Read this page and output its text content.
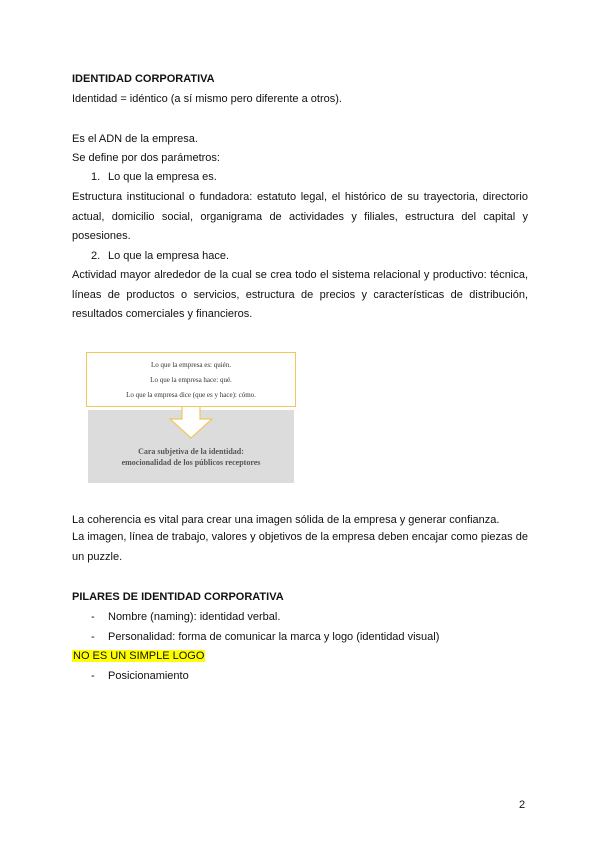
IDENTIDAD CORPORATIVA
Identidad = idéntico (a sí mismo pero diferente a otros).
Es el ADN de la empresa.
Se define por dos parámetros:
1. Lo que la empresa es.
Estructura institucional o fundadora: estatuto legal, el histórico de su trayectoria, directorio actual, domicilio social, organigrama de actividades y filiales, estructura del capital y posesiones.
2. Lo que la empresa hace.
Actividad mayor alrededor de la cual se crea todo el sistema relacional y productivo: técnica, líneas de productos o servicios, estructura de precios y características de distribución, resultados comerciales y financieros.
Lo que la empresa es: quién.
Lo que la empresa hace: qué.
Lo que la empresa dice (que es y hace): cómo.
Cara subjetiva de la identidad:
emocionalidad de los públicos receptores
La coherencia es vital para crear una imagen sólida de la empresa y generar confianza.
La imagen, línea de trabajo, valores y objetivos de la empresa deben encajar como piezas de un puzzle.
PILARES DE IDENTIDAD CORPORATIVA
- Nombre (naming): identidad verbal.
- Personalidad: forma de comunicar la marca y logo (identidad visual)
NO ES UN SIMPLE LOGO
- Posicionamiento
2
